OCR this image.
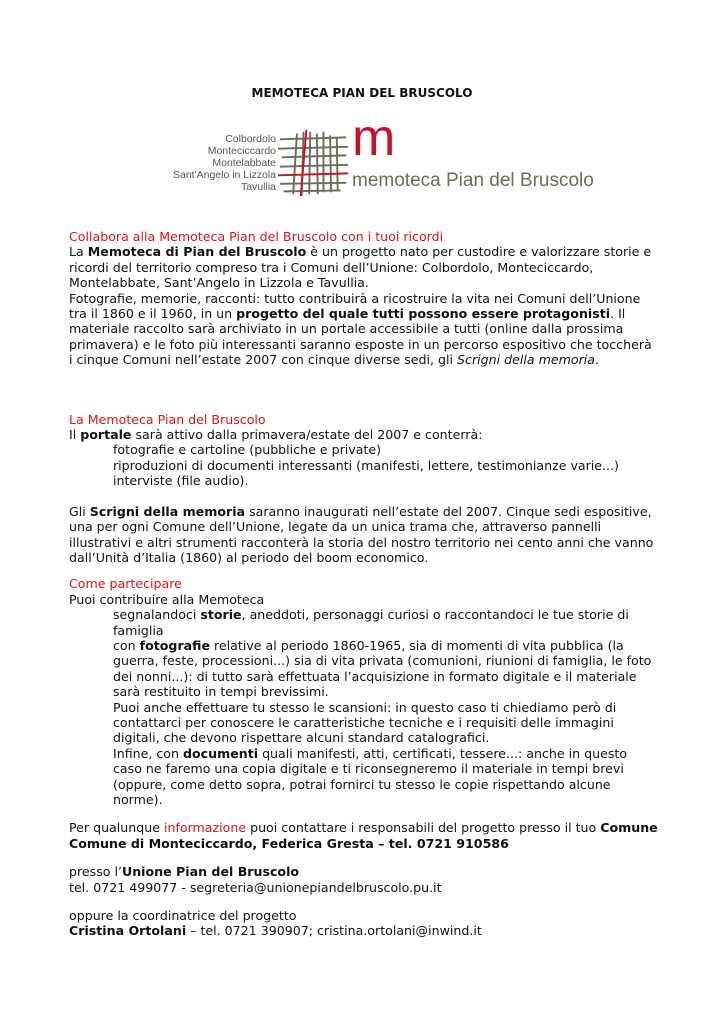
MEMOTECA PIAN DEL BRUSCOLO
Colbordolo
Monteciccardo
Montelabbate
Sant'Angelo in Lizzola
Tavullia
m
memoteca Pian del Bruscolo
Collabora alla Memoteca Pian del Bruscolo con i tuoi ricordi
La Memoteca di Pian del Bruscolo è un progetto nato per custodire e valorizzare storie e ricordi del territorio compreso tra i Comuni dell’Unione: Colbordolo, Monteciccardo, Montelabbate, Sant’Angelo in Lizzola e Tavullia.
Fotografie, memorie, racconti: tutto contribuirà a ricostruire la vita nei Comuni dell’Unione tra il 1860 e il 1960, in un progetto del quale tutti possono essere protagonisti. Il materiale raccolto sarà archiviato in un portale accessibile a tutti (online dalla prossima primavera) e le foto più interessanti saranno esposte in un percorso espositivo che toccherà i cinque Comuni nell’estate 2007 con cinque diverse sedi, gli Scrigni della memoria.
La Memoteca Pian del Bruscolo
Il portale sarà attivo dalla primavera/estate del 2007 e conterrà:
fotografie e cartoline (pubbliche e private)
riproduzioni di documenti interessanti (manifesti, lettere, testimonianze varie...)
interviste (file audio).
Gli Scrigni della memoria saranno inaugurati nell’estate del 2007. Cinque sedi espositive, una per ogni Comune dell’Unione, legate da un unica trama che, attraverso pannelli illustrativi e altri strumenti racconterà la storia del nostro territorio nei cento anni che vanno dall’Unità d’Italia (1860) al periodo del boom economico.
Come partecipare
Puoi contribuire alla Memoteca
segnalandoci storie, aneddoti, personaggi curiosi o raccontandoci le tue storie di famiglia
con fotografie relative al periodo 1860-1965, sia di momenti di vita pubblica (la guerra, feste, processioni...) sia di vita privata (comunioni, riunioni di famiglia, le foto dei nonni...): di tutto sarà effettuata l’acquisizione in formato digitale e il materiale sarà restituito in tempi brevissimi.
Puoi anche effettuare tu stesso le scansioni: in questo caso ti chiediamo però di contattarci per conoscere le caratteristiche tecniche e i requisiti delle immagini digitali, che devono rispettare alcuni standard catalografici.
Infine, con documenti quali manifesti, atti, certificati, tessere...: anche in questo caso ne faremo una copia digitale e ti riconsegneremo il materiale in tempi brevi (oppure, come detto sopra, potrai fornirci tu stesso le copie rispettando alcune norme).
Per qualunque informazione puoi contattare i responsabili del progetto presso il tuo Comune Comune di Monteciccardo, Federica Gresta – tel. 0721 910586
presso l’Unione Pian del Bruscolo
tel. 0721 499077 - segreteria@unionepiandelbruscolo.pu.it
oppure la coordinatrice del progetto
Cristina Ortolani – tel. 0721 390907; cristina.ortolani@inwind.it
